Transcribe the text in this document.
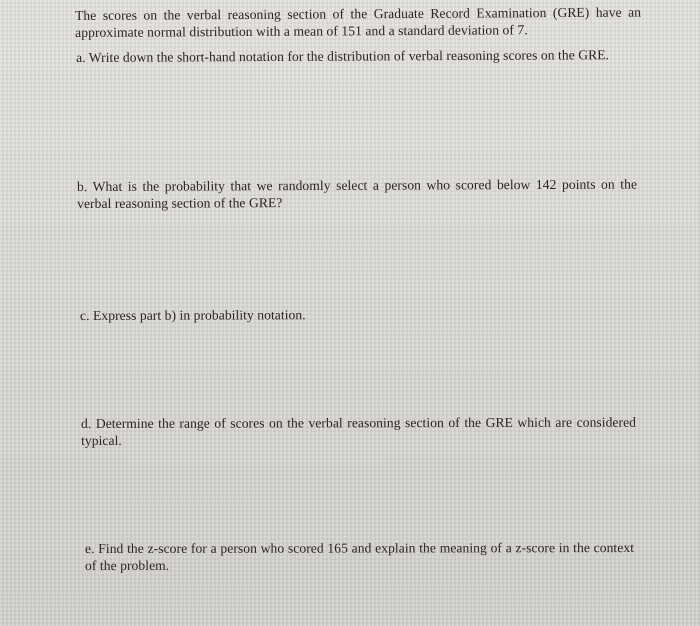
The scores on the verbal reasoning section of the Graduate Record Examination (GRE) have an approximate normal distribution with a mean of 151 and a standard deviation of 7.

a. Write down the short-hand notation for the distribution of verbal reasoning scores on the GRE.

b. What is the probability that we randomly select a person who scored below 142 points on the verbal reasoning section of the GRE?

c. Express part b) in probability notation.

d. Determine the range of scores on the verbal reasoning section of the GRE which are considered typical.

e. Find the z-score for a person who scored 165 and explain the meaning of a z-score in the context of the problem.
